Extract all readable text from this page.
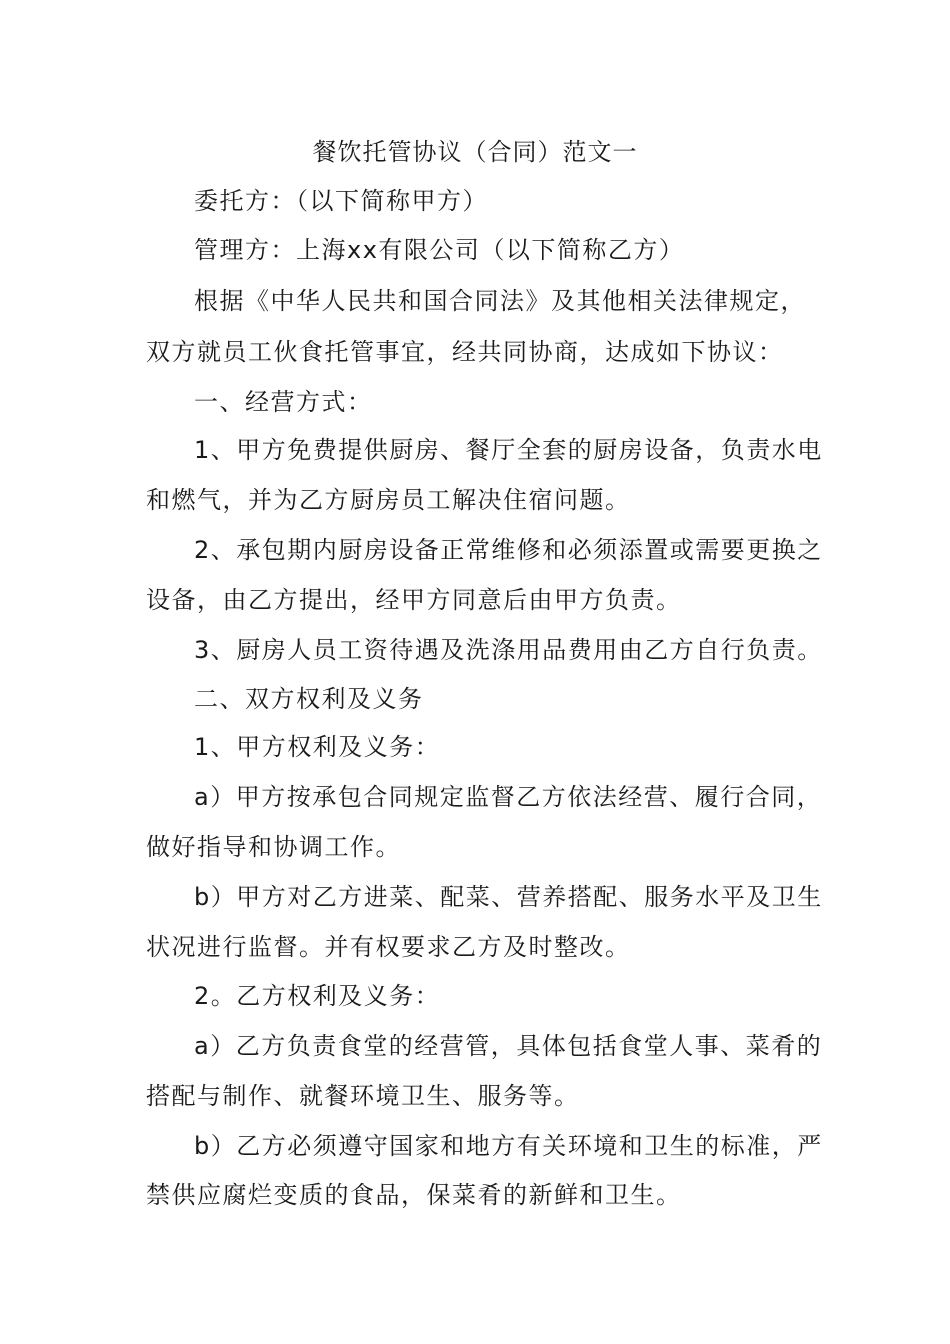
餐饮托管协议（合同）范文一
委托方：（以下简称甲方）
管理方：上海xx有限公司（以下简称乙方）
根据《中华人民共和国合同法》及其他相关法律规定，
双方就员工伙食托管事宜，经共同协商，达成如下协议：
一、经营方式：
1、甲方免费提供厨房、餐厅全套的厨房设备，负责水电
和燃气，并为乙方厨房员工解决住宿问题。
2、承包期内厨房设备正常维修和必须添置或需要更换之
设备，由乙方提出，经甲方同意后由甲方负责。
3、厨房人员工资待遇及洗涤用品费用由乙方自行负责。
二、双方权利及义务
1、甲方权利及义务：
a）甲方按承包合同规定监督乙方依法经营、履行合同，
做好指导和协调工作。
b）甲方对乙方进菜、配菜、营养搭配、服务水平及卫生
状况进行监督。并有权要求乙方及时整改。
2。乙方权利及义务：
a）乙方负责食堂的经营管，具体包括食堂人事、菜肴的
搭配与制作、就餐环境卫生、服务等。
b）乙方必须遵守国家和地方有关环境和卫生的标准，严
禁供应腐烂变质的食品，保菜肴的新鲜和卫生。
